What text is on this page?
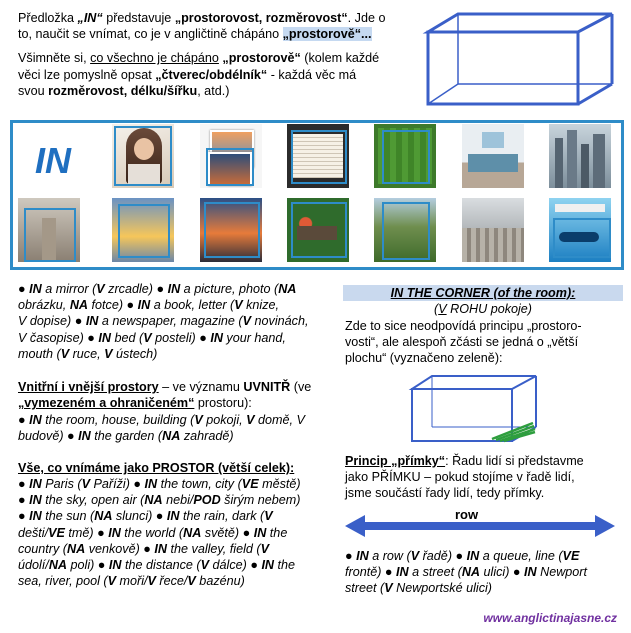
Předložka „IN“ představuje „prostorovost, rozměrovost“. Jde o
to, naučit se vnímat, co je v angličtině chápáno „prostorově“...
Všimněte si, co všechno je chápáno „prostorově“ (kolem každé
věci lze pomyslně opsat „čtverec/obdélník“ - každá věc má
svou rozměrovost, délku/šířku, atd.)
IN
● IN a mirror (V zrcadle) ● IN a picture, photo (NA
obrázku, NA fotce) ● IN a book, letter (V knize,
V dopise) ● IN a newspaper, magazine (V novinách,
V časopise) ● IN bed (V posteli) ● IN your hand,
mouth (V ruce, V ústech)
Vnitřní i vnější prostory – ve významu UVNITŘ (ve
„vymezeném a ohraničeném“ prostoru):
● IN the room, house, building (V pokoji, V domě, V
budově) ● IN the garden (NA zahradě)
Vše, co vnímáme jako PROSTOR (větší celek):
● IN Paris (V Paříži) ● IN the town, city (VE městě)
● IN the sky, open air (NA nebi/POD širým nebem)
● IN the sun (NA slunci) ● IN the rain, dark (V
dešti/VE tmě) ● IN the world (NA světě) ● IN the
country (NA venkově) ● IN the valley, field (V
údolí/NA poli) ● IN the distance (V dálce) ● IN the
sea, river, pool (V moři/V řece/V bazénu)
IN THE CORNER (of the room):
(V ROHU pokoje)
Zde to sice neodpovídá principu „prostoro-
vosti“, ale alespoň zčásti se jedná o „větší
plochu“ (vyznačeno zeleně):
Princip „přímky“: Řadu lidí si představme
jako PŘÍMKU – pokud stojíme v řadě lidí,
jsme součástí řady lidí, tedy přímky.
row
● IN a row (V řadě) ● IN a queue, line (VE
frontě) ● IN a street (NA ulici) ● IN Newport
street (V Newportské ulici)
www.anglictinajasne.cz
